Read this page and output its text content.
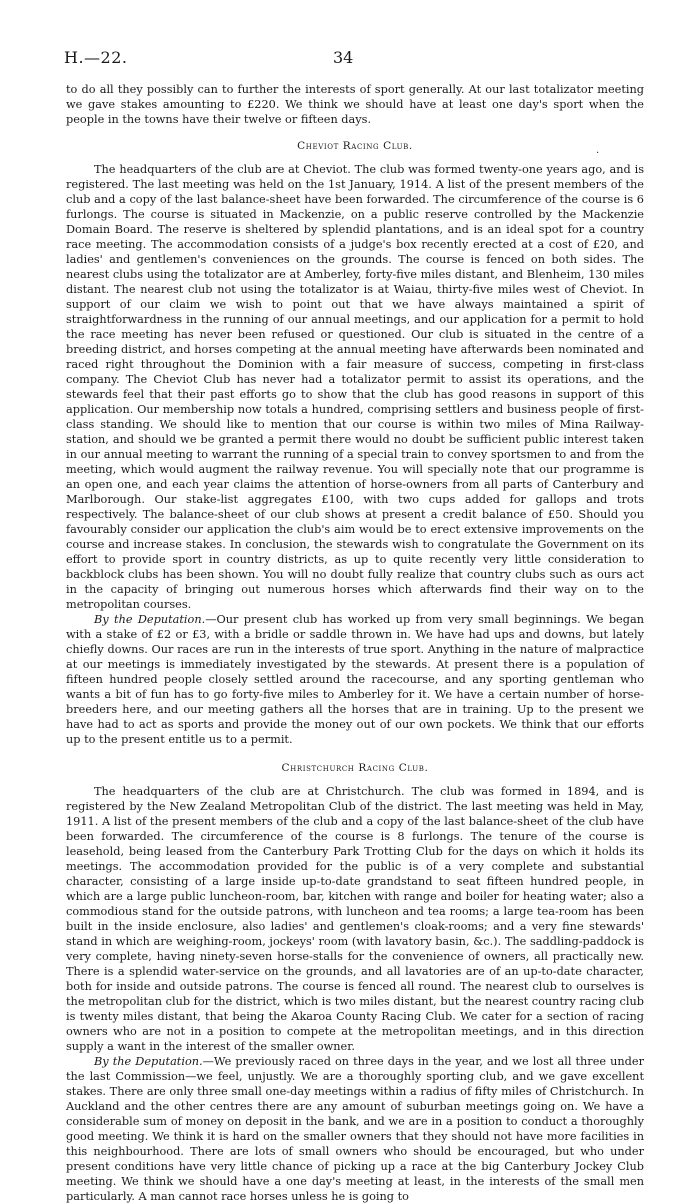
H.—22.	34
.

to do all they possibly can to further the interests of sport generally. At our last totalizator meeting we gave stakes amounting to £220. We think we should have at least one day's sport when the people in the towns have their twelve or fifteen days.

Cheviot Racing Club.

The headquarters of the club are at Cheviot. The club was formed twenty-one years ago, and is registered. The last meeting was held on the 1st January, 1914. A list of the present members of the club and a copy of the last balance-sheet have been forwarded. The circumference of the course is 6 furlongs. The course is situated in Mackenzie, on a public reserve controlled by the Mackenzie Domain Board. The reserve is sheltered by splendid plantations, and is an ideal spot for a country race meeting. The accommodation consists of a judge's box recently erected at a cost of £20, and ladies' and gentlemen's conveniences on the grounds. The course is fenced on both sides. The nearest clubs using the totalizator are at Amberley, forty-five miles distant, and Blenheim, 130 miles distant. The nearest club not using the totalizator is at Waiau, thirty-five miles west of Cheviot. In support of our claim we wish to point out that we have always maintained a spirit of straightforwardness in the running of our annual meetings, and our application for a permit to hold the race meeting has never been refused or questioned. Our club is situated in the centre of a breeding district, and horses competing at the annual meeting have afterwards been nominated and raced right throughout the Dominion with a fair measure of success, competing in first-class company. The Cheviot Club has never had a totalizator permit to assist its operations, and the stewards feel that their past efforts go to show that the club has good reasons in support of this application. Our membership now totals a hundred, comprising settlers and business people of first-class standing. We should like to mention that our course is within two miles of Mina Railway-station, and should we be granted a permit there would no doubt be sufficient public interest taken in our annual meeting to warrant the running of a special train to convey sportsmen to and from the meeting, which would augment the railway revenue. You will specially note that our programme is an open one, and each year claims the attention of horse-owners from all parts of Canterbury and Marlborough. Our stake-list aggregates £100, with two cups added for gallops and trots respectively. The balance-sheet of our club shows at present a credit balance of £50. Should you favourably consider our application the club's aim would be to erect extensive improvements on the course and increase stakes. In conclusion, the stewards wish to congratulate the Government on its effort to provide sport in country districts, as up to quite recently very little consideration to backblock clubs has been shown. You will no doubt fully realize that country clubs such as ours act in the capacity of bringing out numerous horses which afterwards find their way on to the metropolitan courses.

By the Deputation.—Our present club has worked up from very small beginnings. We began with a stake of £2 or £3, with a bridle or saddle thrown in. We have had ups and downs, but lately chiefly downs. Our races are run in the interests of true sport. Anything in the nature of malpractice at our meetings is immediately investigated by the stewards. At present there is a population of fifteen hundred people closely settled around the racecourse, and any sporting gentleman who wants a bit of fun has to go forty-five miles to Amberley for it. We have a certain number of horse-breeders here, and our meeting gathers all the horses that are in training. Up to the present we have had to act as sports and provide the money out of our own pockets. We think that our efforts up to the present entitle us to a permit.

Christchurch Racing Club.

The headquarters of the club are at Christchurch. The club was formed in 1894, and is registered by the New Zealand Metropolitan Club of the district. The last meeting was held in May, 1911. A list of the present members of the club and a copy of the last balance-sheet of the club have been forwarded. The circumference of the course is 8 furlongs. The tenure of the course is leasehold, being leased from the Canterbury Park Trotting Club for the days on which it holds its meetings. The accommodation provided for the public is of a very complete and substantial character, consisting of a large inside up-to-date grandstand to seat fifteen hundred people, in which are a large public luncheon-room, bar, kitchen with range and boiler for heating water; also a commodious stand for the outside patrons, with luncheon and tea rooms; a large tea-room has been built in the inside enclosure, also ladies' and gentlemen's cloak-rooms; and a very fine stewards' stand in which are weighing-room, jockeys' room (with lavatory basin, &c.). The saddling-paddock is very complete, having ninety-seven horse-stalls for the convenience of owners, all practically new. There is a splendid water-service on the grounds, and all lavatories are of an up-to-date character, both for inside and outside patrons. The course is fenced all round. The nearest club to ourselves is the metropolitan club for the district, which is two miles distant, but the nearest country racing club is twenty miles distant, that being the Akaroa County Racing Club. We cater for a section of racing owners who are not in a position to compete at the metropolitan meetings, and in this direction supply a want in the interest of the smaller owner.

By the Deputation.—We previously raced on three days in the year, and we lost all three under the last Commission—we feel, unjustly. We are a thoroughly sporting club, and we gave excellent stakes. There are only three small one-day meetings within a radius of fifty miles of Christchurch. In Auckland and the other centres there are any amount of suburban meetings going on. We have a considerable sum of money on deposit in the bank, and we are in a position to conduct a thoroughly good meeting. We think it is hard on the smaller owners that they should not have more facilities in this neighbourhood. There are lots of small owners who should be encouraged, but who under present conditions have very little chance of picking up a race at the big Canterbury Jockey Club meeting. We think we should have a one day's meeting at least, in the interests of the small men particularly. A man cannot race horses unless he is going to
